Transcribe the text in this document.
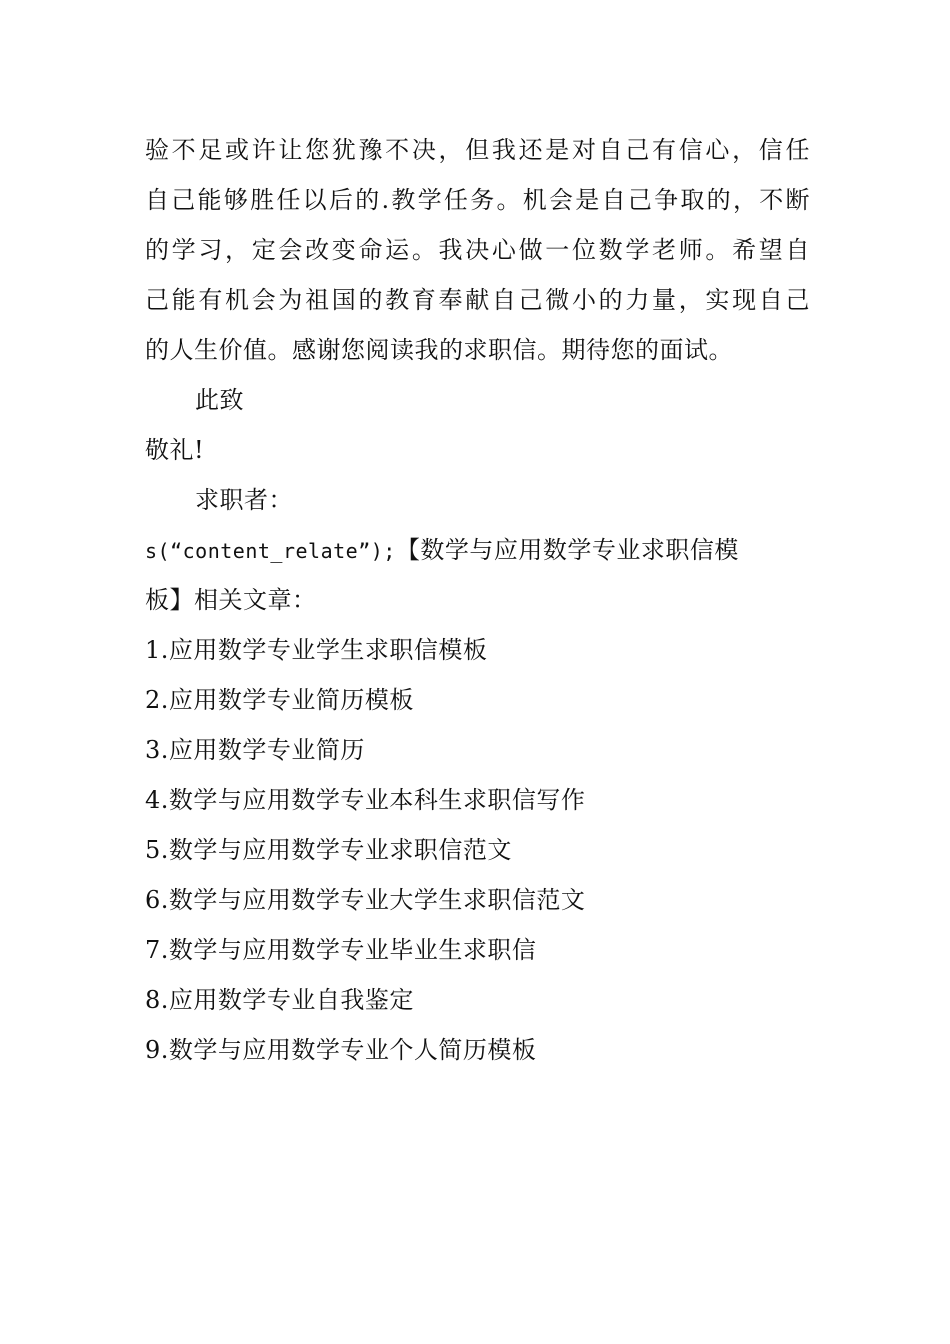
验不足或许让您犹豫不决，但我还是对自己有信心，信任
自己能够胜任以后的.教学任务。机会是自己争取的，不断
的学习，定会改变命运。我决心做一位数学老师。希望自
己能有机会为祖国的教育奉献自己微小的力量，实现自己
的人生价值。感谢您阅读我的求职信。期待您的面试。
此致
敬礼!
求职者：
s(“content_relate”);【数学与应用数学专业求职信模
板】相关文章：
1.应用数学专业学生求职信模板
2.应用数学专业简历模板
3.应用数学专业简历
4.数学与应用数学专业本科生求职信写作
5.数学与应用数学专业求职信范文
6.数学与应用数学专业大学生求职信范文
7.数学与应用数学专业毕业生求职信
8.应用数学专业自我鉴定
9.数学与应用数学专业个人简历模板
